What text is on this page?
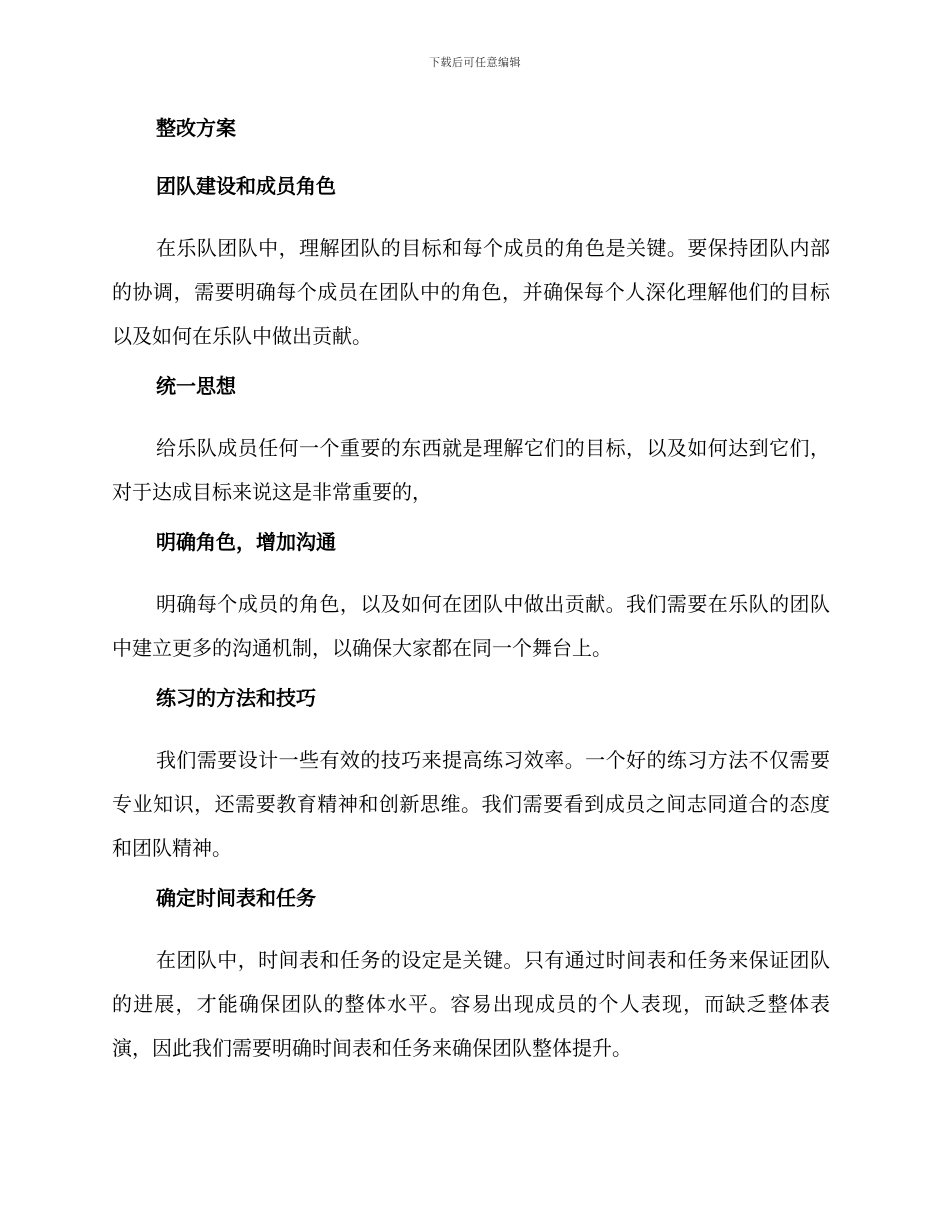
下载后可任意编辑
整改方案
团队建设和成员角色
在乐队团队中，理解团队的目标和每个成员的角色是关键。要保持团队内部的协调，需要明确每个成员在团队中的角色，并确保每个人深化理解他们的目标以及如何在乐队中做出贡献。
统一思想
给乐队成员任何一个重要的东西就是理解它们的目标，以及如何达到它们，对于达成目标来说这是非常重要的，
明确角色，增加沟通
明确每个成员的角色，以及如何在团队中做出贡献。我们需要在乐队的团队中建立更多的沟通机制，以确保大家都在同一个舞台上。
练习的方法和技巧
我们需要设计一些有效的技巧来提高练习效率。一个好的练习方法不仅需要专业知识，还需要教育精神和创新思维。我们需要看到成员之间志同道合的态度和团队精神。
确定时间表和任务
在团队中，时间表和任务的设定是关键。只有通过时间表和任务来保证团队的进展，才能确保团队的整体水平。容易出现成员的个人表现，而缺乏整体表演，因此我们需要明确时间表和任务来确保团队整体提升。
